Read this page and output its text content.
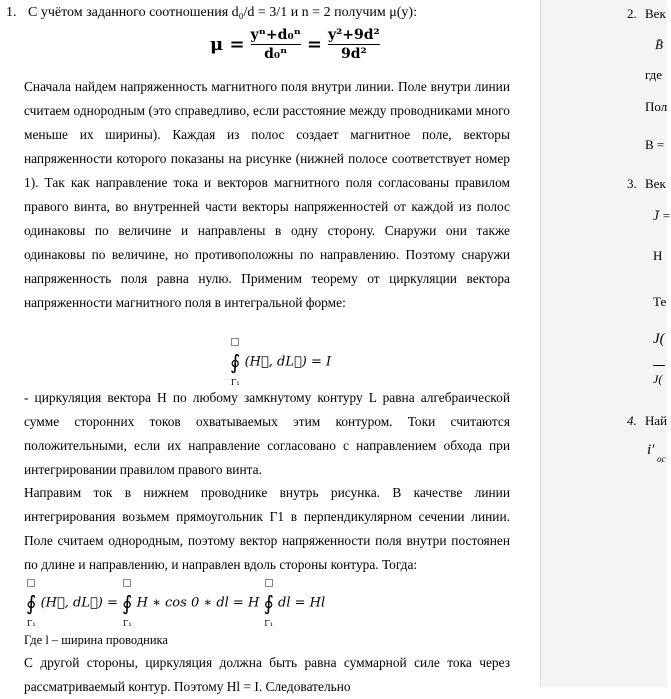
1. С учётом заданного соотношения d₀/d = 3/1 и n = 2 получим μ(y):
$\mu = \frac{\text{yⁿ+d₀ⁿ}}{\text{d₀ⁿ}} = \frac{\text{y²+9d²}}{\text{9d²}}$
Сначала найдем напряженность магнитного поля внутри линии. Поле внутри линии считаем однородным (это справедливо, если расстояние между проводниками много меньше их ширины). Каждая из полос создает магнитное поле, векторы напряженности которого показаны на рисунке (нижней полосе соответствует номер 1). Так как направление тока и векторов магнитного поля согласованы правилом правого винта, во внутренней части векторы напряженностей от каждой из полос одинаковы по величине и направлены в одну сторону. Снаружи они также одинаковы по величине, но противоположны по направлению. Поэтому снаружи напряженность поля равна нулю. Применим теорему от циркуляции вектора напряженности магнитного поля в интегральной форме:

∮
Γ₁ (H⃗, dL⃗) = I
- циркуляция вектора H по любому замкнутому контуру L равна алгебраической сумме сторонних токов охватываемых этим контуром. Токи считаются положительными, если их направление согласовано с направлением обхода при интегрировании правилом правого винта.
Направим ток в нижнем проводнике внутрь рисунка. В качестве линии интегрирования возьмем прямоугольник Г1 в перпендикулярном сечении линии. Поле считаем однородным, поэтому вектор напряженности поля внутри постоянен по длине и направлению, и направлен вдоль стороны контура. Тогда:

∮
Γ₁ (H⃗, dL⃗) = ∮
Γ₁ H ∗ cos 0 ∗ dl = H ∮
Γ₁ dl = Hl
Где l – ширина проводника
С другой стороны, циркуляция должна быть равна суммарной силе тока через рассматриваемый контур. Поэтому Hl = I. Следовательно
2. Век
B̄
где
Пол
B =
3. Век
J̄ =
Н
Те
J(
J(
4. Най
i′
oc
